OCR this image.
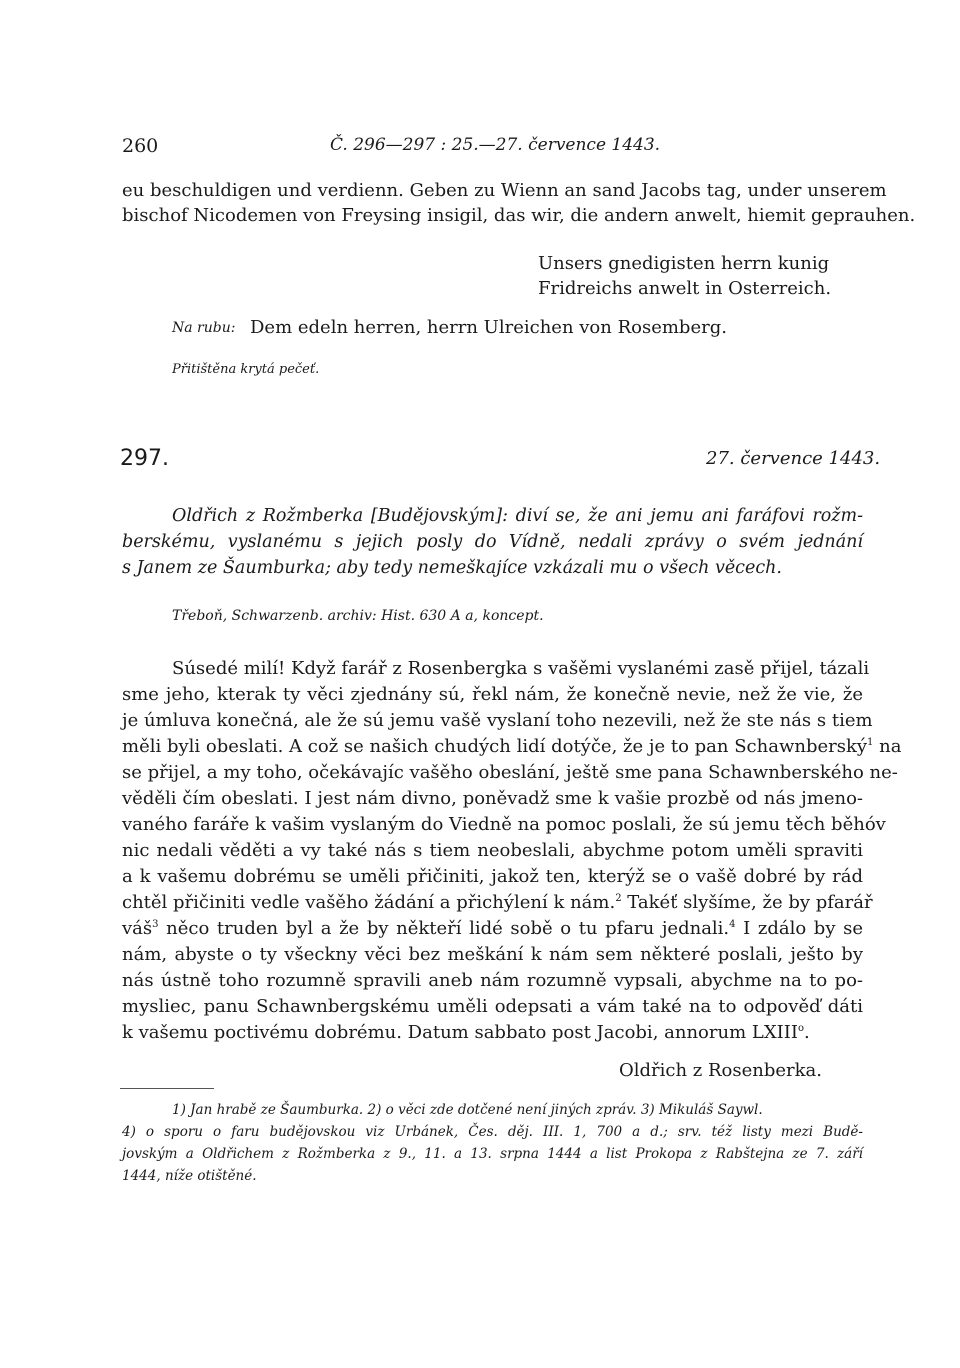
260	Č. 296—297 : 25.—27. července 1443.
eu beschuldigen und verdienn. Geben zu Wienn an sand Jacobs tag, under unserem
bischof Nicodemen von Freysing insigil, das wir, die andern anwelt, hiemit geprauhen.
Unsers gnedigisten herrn kunig
Fridreichs anwelt in Osterreich.
Na rubu: Dem edeln herren, herrn Ulreichen von Rosemberg.
Přitištěna krytá pečeť.
297.	27. července 1443.
Oldřich z Rožmberka [Budějovským]: diví se, že ani jemu ani faráfovi rožm-
berskému, vyslanému s jejich posly do Vídně, nedali zprávy o svém jednání
s Janem ze Šaumburka; aby tedy nemeškajíce vzkázali mu o všech věcech.
Třeboň, Schwarzenb. archiv: Hist. 630 A a, koncept.
Súsedé milí! Když farář z Rosenbergka s vašěmi vyslanémi zasě přijel, tázali
sme jeho, kterak ty věci zjednány sú, řekl nám, že konečně nevie, než že vie, že
je úmluva konečná, ale že sú jemu vašě vyslaní toho nezevili, než že ste nás s tiem
měli byli obeslati. A což se našich chudých lidí dotýče, že je to pan Schawnberský$^1$ na
se přijel, a my toho, očekávajíc vašěho obeslání, ještě sme pana Schawnberského ne-
věděli čím obeslati. I jest nám divno, poněvadž sme k vašie prozbě od nás jmeno-
vaného faráře k vašim vyslaným do Viedně na pomoc poslali, že sú jemu těch běhóv
nic nedali věděti a vy také nás s tiem neobeslali, abychme potom uměli spraviti
a k vašemu dobrému se uměli přičiniti, jakož ten, kterýž se o vašě dobré by rád
chtěl přičiniti vedle vašěho žádání a přichýlení k nám.$^2$ Takéť slyšíme, že by pfarář
váš$^3$ něco truden byl a že by někteří lidé sobě o tu pfaru jednali.$^4$ I zdálo by se
nám, abyste o ty všeckny věci bez meškání k nám sem některé poslali, ješto by
nás ústně toho rozumně spravili aneb nám rozumně vypsali, abychme na to po-
mysliec, panu Schawnbergskému uměli odepsati a vám také na to odpověď dáti
k vašemu poctivému dobrému. Datum sabbato post Jacobi, annorum LXIII$^o$.
Oldřich z Rosenberka.
1) Jan hrabě ze Šaumburka. 2) o věci zde dotčené není jiných zpráv. 3) Mikuláš Saywl.
4) o sporu o faru budějovskou viz Urbánek, Čes. děj. III. 1, 700 a d.; srv. též listy mezi Budě-
jovským a Oldřichem z Rožmberka z 9., 11. a 13. srpna 1444 a list Prokopa z Rabštejna ze 7. září
1444, níže otištěné.
